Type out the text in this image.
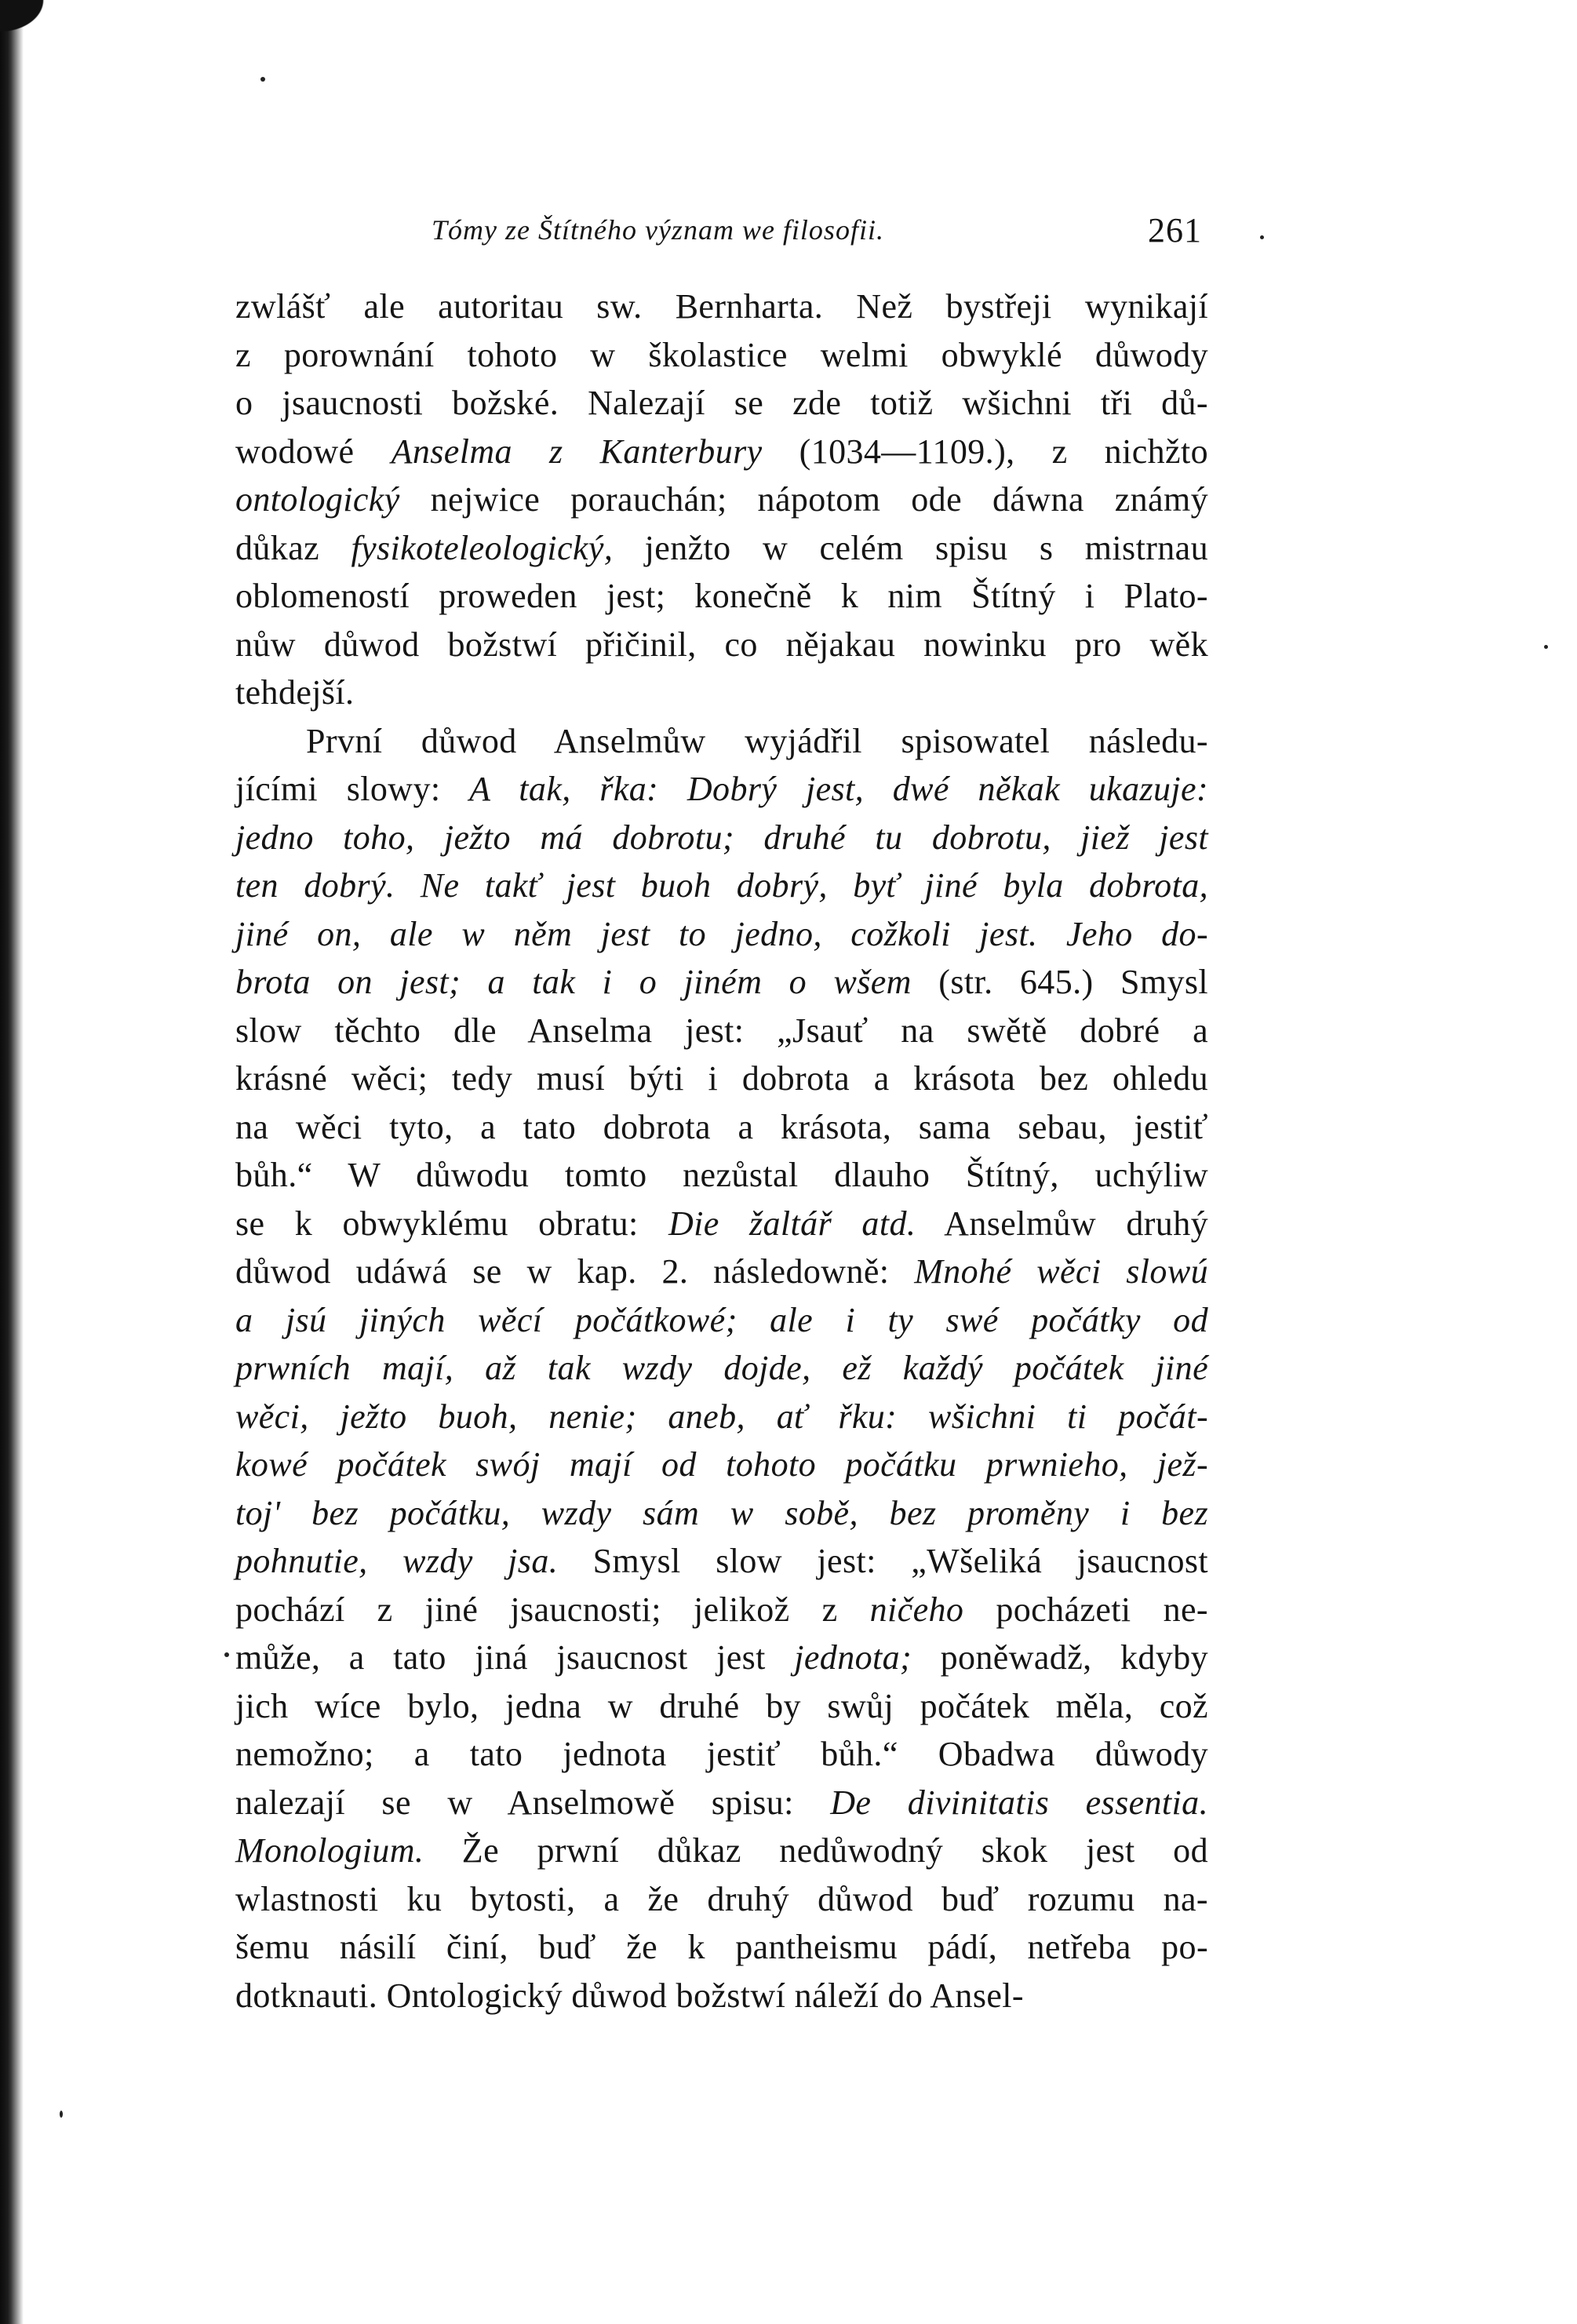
Tómy ze Štítného význam we filosofii.	261
zwlášť ale autoritau sw. Bernharta. Než bystřeji wynikají
z porownání tohoto w školastice welmi obwyklé důwody
o jsaucnosti božské. Nalezají se zde totiž wšichni tři dů-
wodowé Anselma z Kanterbury (1034—1109.), z nichžto
ontologický nejwice porauchán; nápotom ode dáwna známý
důkaz fysikoteleologický, jenžto w celém spisu s mistrnau
oblomeností proweden jest; konečně k nim Štítný i Plato-
nůw důwod božstwí přičinil, co nějakau nowinku pro wěk
tehdejší.
První důwod Anselmůw wyjádřil spisowatel následu-
jícími slowy: A tak, řka: Dobrý jest, dwé někak ukazuje:
jedno toho, ježto má dobrotu; druhé tu dobrotu, jiež jest
ten dobrý. Ne takť jest buoh dobrý, byť jiné byla dobrota,
jiné on, ale w něm jest to jedno, cožkoli jest. Jeho do-
brota on jest; a tak i o jiném o wšem (str. 645.) Smysl
slow těchto dle Anselma jest: „Jsauť na swětě dobré a
krásné wěci; tedy musí býti i dobrota a krásota bez ohledu
na wěci tyto, a tato dobrota a krásota, sama sebau, jestiť
bůh.“ W důwodu tomto nezůstal dlauho Štítný, uchýliw
se k obwyklému obratu: Die žaltář atd. Anselmůw druhý
důwod udáwá se w kap. 2. následowně: Mnohé wěci slowú
a jsú jiných wěcí počátkowé; ale i ty swé počátky od
prwních mají, až tak wzdy dojde, ež každý počátek jiné
wěci, ježto buoh, nenie; aneb, ať řku: wšichni ti počát-
kowé počátek swój mají od tohoto počátku prwnieho, jež-
toj' bez počátku, wzdy sám w sobě, bez proměny i bez
pohnutie, wzdy jsa. Smysl slow jest: „Wšeliká jsaucnost
pochází z jiné jsaucnosti; jelikož z ničeho pocházeti ne-
může, a tato jiná jsaucnost jest jednota; poněwadž, kdyby
jich wíce bylo, jedna w druhé by swůj počátek měla, což
nemožno; a tato jednota jestiť bůh.“ Obadwa důwody
nalezají se w Anselmowě spisu: De divinitatis essentia.
Monologium. Že prwní důkaz nedůwodný skok jest od
wlastnosti ku bytosti, a že druhý důwod buď rozumu na-
šemu násilí činí, buď že k pantheismu pádí, netřeba po-
dotknauti. Ontologický důwod božstwí náleží do Ansel-
